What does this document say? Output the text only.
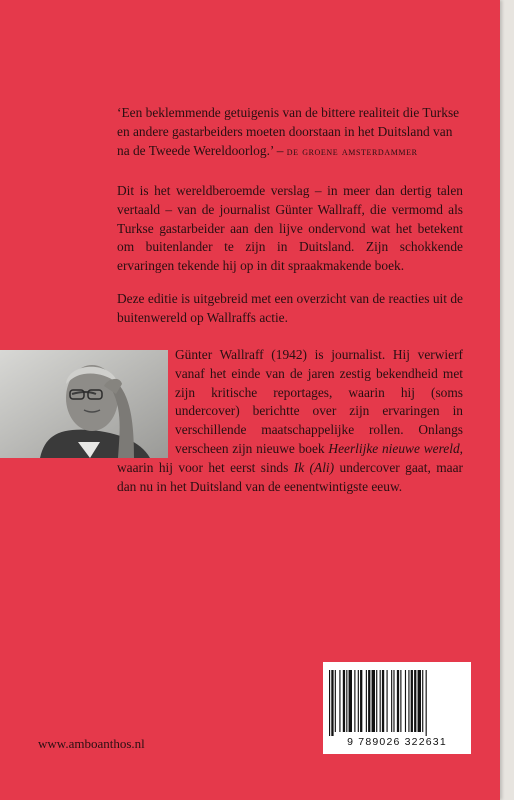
‘Een beklemmende getuigenis van de bittere realiteit die Turkse en andere gastarbeiders moeten doorstaan in het Duitsland van na de Tweede Wereldoorlog.’ – de groene amsterdammer
Dit is het wereldberoemde verslag – in meer dan dertig talen vertaald – van de journalist Günter Wallraff, die vermomd als Turkse gastarbeider aan den lijve ondervond wat het betekent om buitenlander te zijn in Duitsland. Zijn schokkende ervaringen tekende hij op in dit spraakmakende boek.
Deze editie is uitgebreid met een overzicht van de reacties uit de buitenwereld op Wallraffs actie.
Günter Wallraff (1942) is journalist. Hij verwierf vanaf het einde van de jaren zestig bekendheid met zijn kritische reportages, waarin hij (soms undercover) berichtte over zijn ervaringen in verschillende maatschappelijke rollen. Onlangs verscheen zijn nieuwe boek Heerlijke nieuwe wereld, waarin hij voor het eerst sinds Ik (Ali) undercover gaat, maar dan nu in het Duitsland van de eenentwintigste eeuw.
9 789026 322631
www.amboanthos.nl
